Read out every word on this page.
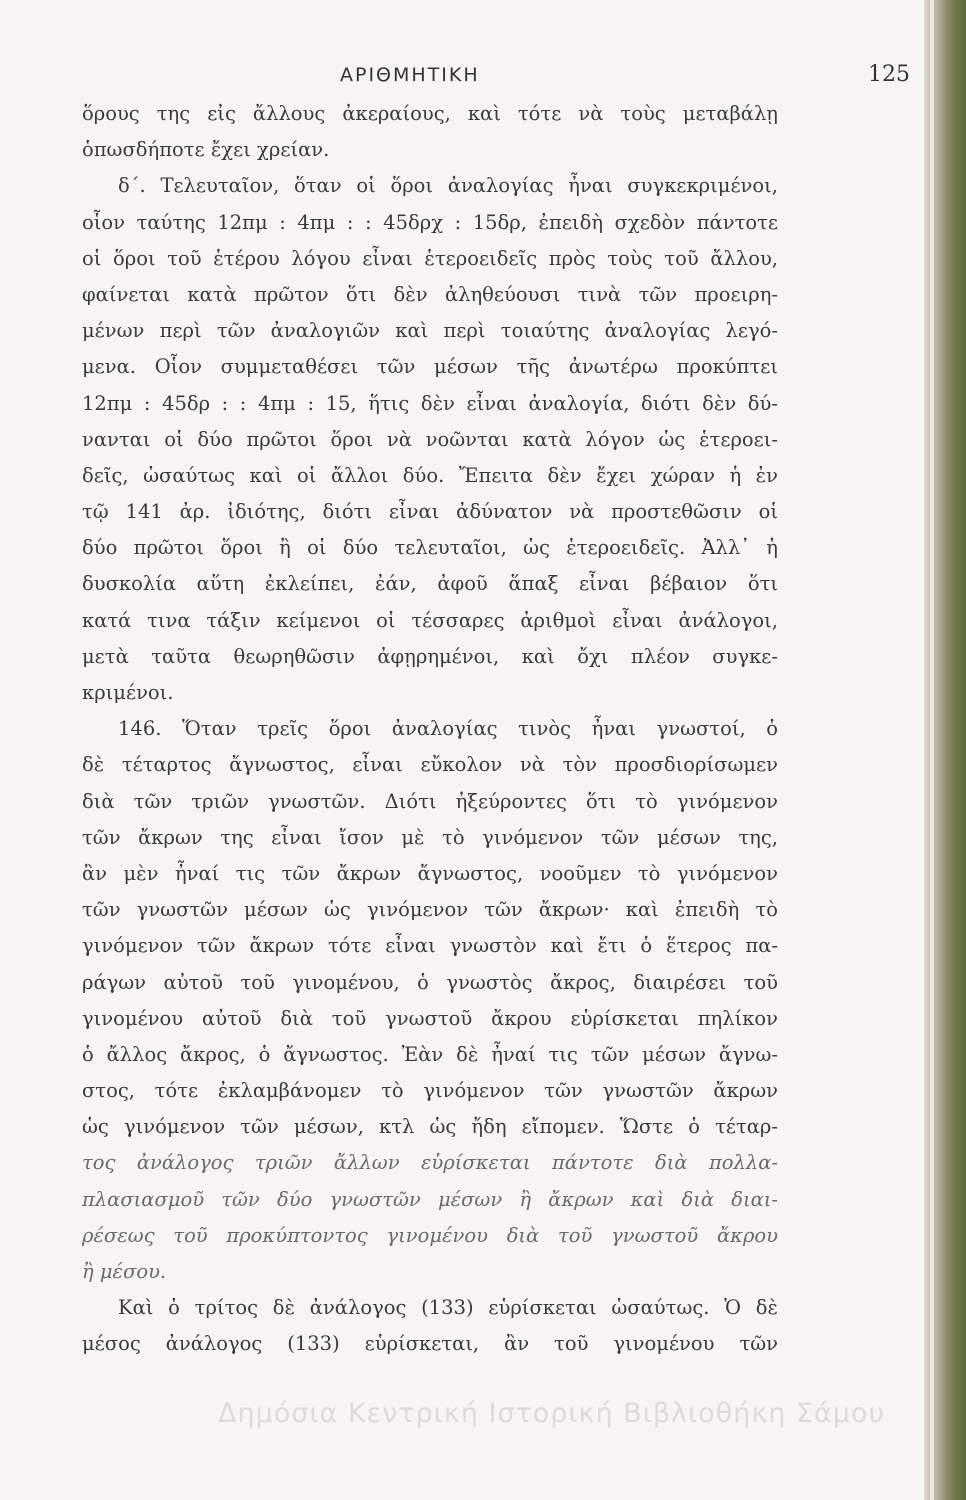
ΑΡΙΘΜΗΤΙΚΗ	125
ὅρους της εἰς ἄλλους ἀκεραίους, καὶ τότε νὰ τοὺς μεταβάλῃ
ὁπωσδήποτε ἔχει χρείαν.
δ΄. Τελευταῖον, ὅταν οἱ ὅροι ἀναλογίας ἦναι συγκεκριμένοι,
οἷον ταύτης 12πμ : 4πμ : : 45δρχ : 15δρ, ἐπειδὴ σχεδὸν πάντοτε
οἱ ὅροι τοῦ ἑτέρου λόγου εἶναι ἑτεροειδεῖς πρὸς τοὺς τοῦ ἄλλου,
φαίνεται κατὰ πρῶτον ὅτι δὲν ἀληθεύουσι τινὰ τῶν προειρη-
μένων περὶ τῶν ἀναλογιῶν καὶ περὶ τοιαύτης ἀναλογίας λεγό-
μενα. Οἷον συμμεταθέσει τῶν μέσων τῆς ἀνωτέρω προκύπτει
12πμ : 45δρ : : 4πμ : 15, ἥτις δὲν εἶναι ἀναλογία, διότι δὲν δύ-
νανται οἱ δύο πρῶτοι ὅροι νὰ νοῶνται κατὰ λόγον ὡς ἑτεροει-
δεῖς, ὡσαύτως καὶ οἱ ἄλλοι δύο. Ἔπειτα δὲν ἔχει χώραν ἡ ἐν
τῷ 141 ἀρ. ἰδιότης, διότι εἶναι ἀδύνατον νὰ προστεθῶσιν οἱ
δύο πρῶτοι ὅροι ἢ οἱ δύο τελευταῖοι, ὡς ἑτεροειδεῖς. Ἀλλ᾽ ἡ
δυσκολία αὕτη ἐκλείπει, ἐάν, ἀφοῦ ἅπαξ εἶναι βέβαιον ὅτι
κατά τινα τάξιν κείμενοι οἱ τέσσαρες ἀριθμοὶ εἶναι ἀνάλογοι,
μετὰ ταῦτα θεωρηθῶσιν ἀφῃρημένοι, καὶ ὄχι πλέον συγκε-
κριμένοι.
146. Ὅταν τρεῖς ὅροι ἀναλογίας τινὸς ἦναι γνωστοί, ὁ
δὲ τέταρτος ἄγνωστος, εἶναι εὔκολον νὰ τὸν προσδιορίσωμεν
διὰ τῶν τριῶν γνωστῶν. Διότι ἠξεύροντες ὅτι τὸ γινόμενον
τῶν ἄκρων της εἶναι ἴσον μὲ τὸ γινόμενον τῶν μέσων της,
ἂν μὲν ἦναί τις τῶν ἄκρων ἄγνωστος, νοοῦμεν τὸ γινόμενον
τῶν γνωστῶν μέσων ὡς γινόμενον τῶν ἄκρων· καὶ ἐπειδὴ τὸ
γινόμενον τῶν ἄκρων τότε εἶναι γνωστὸν καὶ ἔτι ὁ ἕτερος πα-
ράγων αὐτοῦ τοῦ γινομένου, ὁ γνωστὸς ἄκρος, διαιρέσει τοῦ
γινομένου αὐτοῦ διὰ τοῦ γνωστοῦ ἄκρου εὑρίσκεται πηλίκον
ὁ ἄλλος ἄκρος, ὁ ἄγνωστος. Ἐὰν δὲ ἦναί τις τῶν μέσων ἄγνω-
στος, τότε ἐκλαμβάνομεν τὸ γινόμενον τῶν γνωστῶν ἄκρων
ὡς γινόμενον τῶν μέσων, κτλ ὡς ἤδη εἴπομεν. Ὥστε ὁ τέταρ-
τος ἀνάλογος τριῶν ἄλλων εὑρίσκεται πάντοτε διὰ πολλα-
πλασιασμοῦ τῶν δύο γνωστῶν μέσων ἢ ἄκρων καὶ διὰ διαι-
ρέσεως τοῦ προκύπτοντος γινομένου διὰ τοῦ γνωστοῦ ἄκρου
ἢ μέσου.
Καὶ ὁ τρίτος δὲ ἀνάλογος (133) εὑρίσκεται ὡσαύτως. Ὁ δὲ
μέσος ἀνάλογος (133) εὑρίσκεται, ἂν τοῦ γινομένου τῶν
Δημόσια Κεντρική Ιστορική Βιβλιοθήκη Σάμου
